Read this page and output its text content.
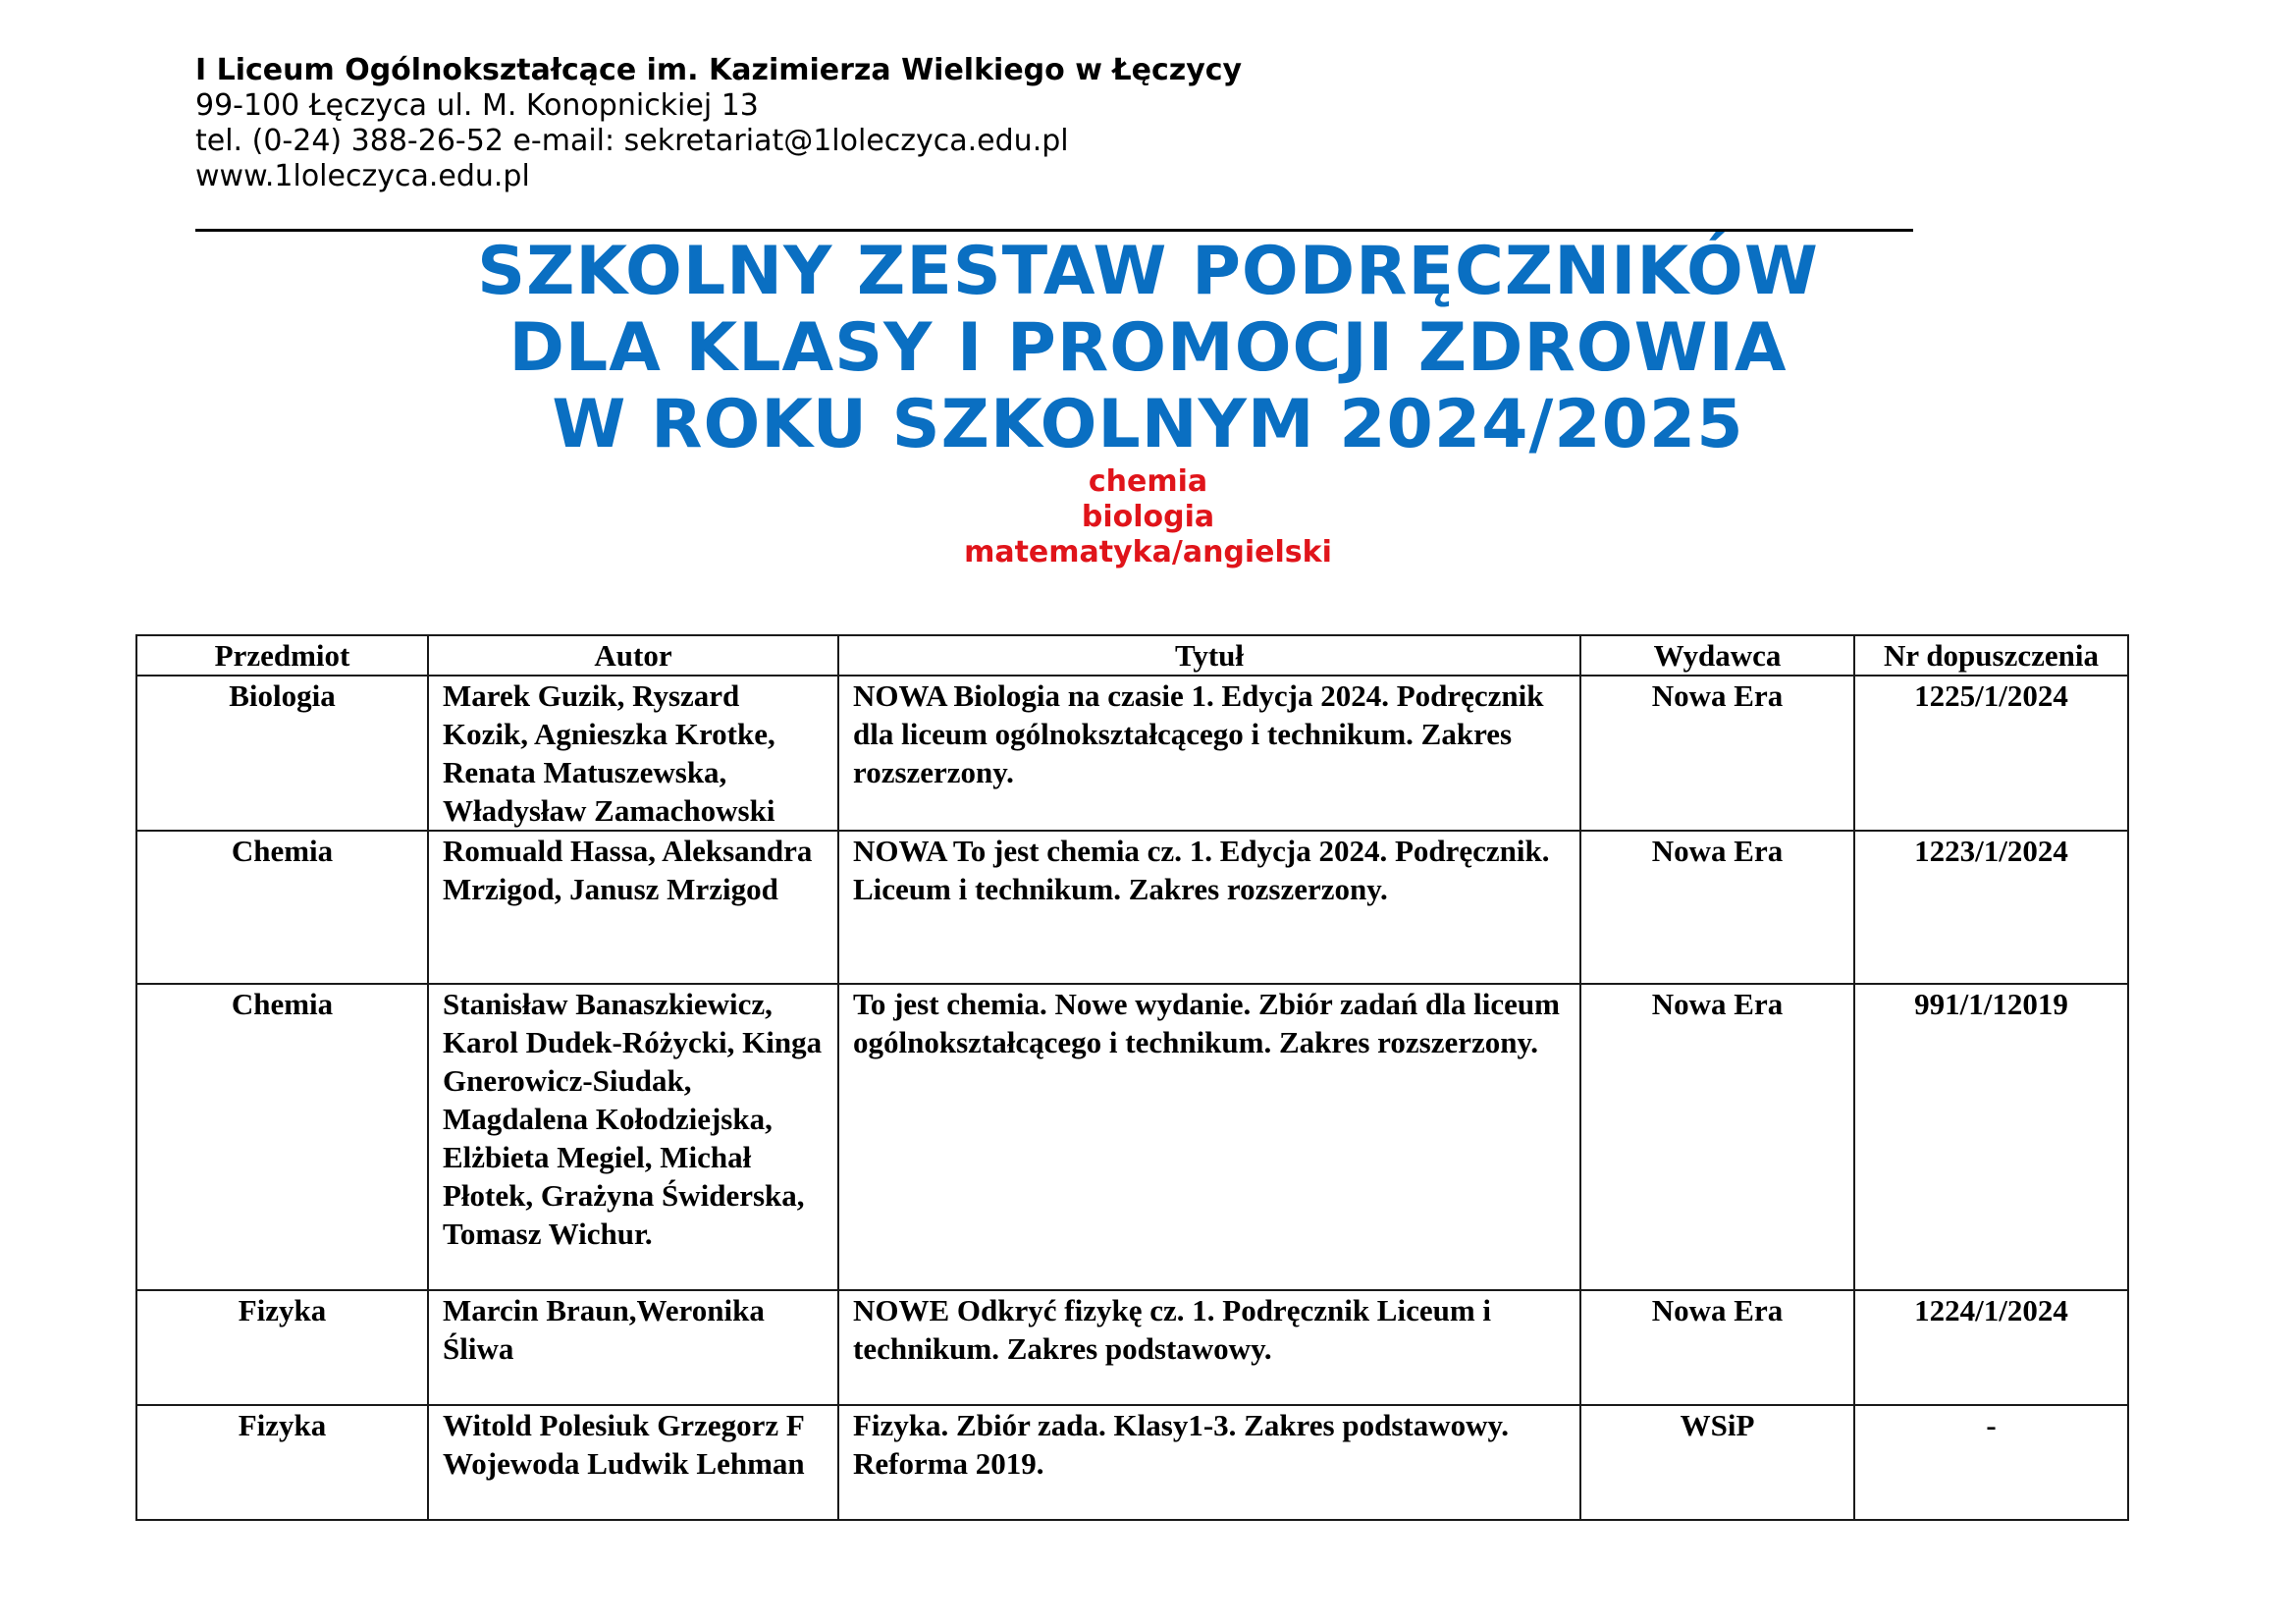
I Liceum Ogólnokształcące im. Kazimierza Wielkiego w Łęczycy
99-100 Łęczyca ul. M. Konopnickiej 13
tel. (0-24) 388-26-52 e-mail: sekretariat@1loleczyca.edu.pl
www.1loleczyca.edu.pl
SZKOLNY ZESTAW PODRĘCZNIKÓW
DLA KLASY I PROMOCJI ZDROWIA
W ROKU SZKOLNYM 2024/2025
chemia
biologia
matematyka/angielski
Przedmiot	Autor	Tytuł	Wydawca	Nr dopuszczenia
Biologia	Marek Guzik, Ryszard Kozik, Agnieszka Krotke, Renata Matuszewska, Władysław Zamachowski	NOWA Biologia na czasie 1. Edycja 2024. Podręcznik dla liceum ogólnokształcącego i technikum. Zakres rozszerzony.	Nowa Era	1225/1/2024
Chemia	Romuald Hassa, Aleksandra Mrzigod, Janusz Mrzigod	NOWA To jest chemia cz. 1. Edycja 2024. Podręcznik. Liceum i technikum. Zakres rozszerzony.	Nowa Era	1223/1/2024
Chemia	Stanisław Banaszkiewicz, Karol Dudek-Różycki, Kinga Gnerowicz-Siudak, Magdalena Kołodziejska, Elżbieta Megiel, Michał Płotek, Grażyna Świderska, Tomasz Wichur.	To jest chemia. Nowe wydanie. Zbiór zadań dla liceum ogólnokształcącego i technikum. Zakres rozszerzony.	Nowa Era	991/1/12019
Fizyka	Marcin Braun,Weronika Śliwa	NOWE Odkryć fizykę cz. 1. Podręcznik Liceum i technikum. Zakres podstawowy.	Nowa Era	1224/1/2024
Fizyka	Witold Polesiuk Grzegorz F Wojewoda Ludwik Lehman	Fizyka. Zbiór zada. Klasy1-3. Zakres podstawowy. Reforma 2019.	WSiP	-
